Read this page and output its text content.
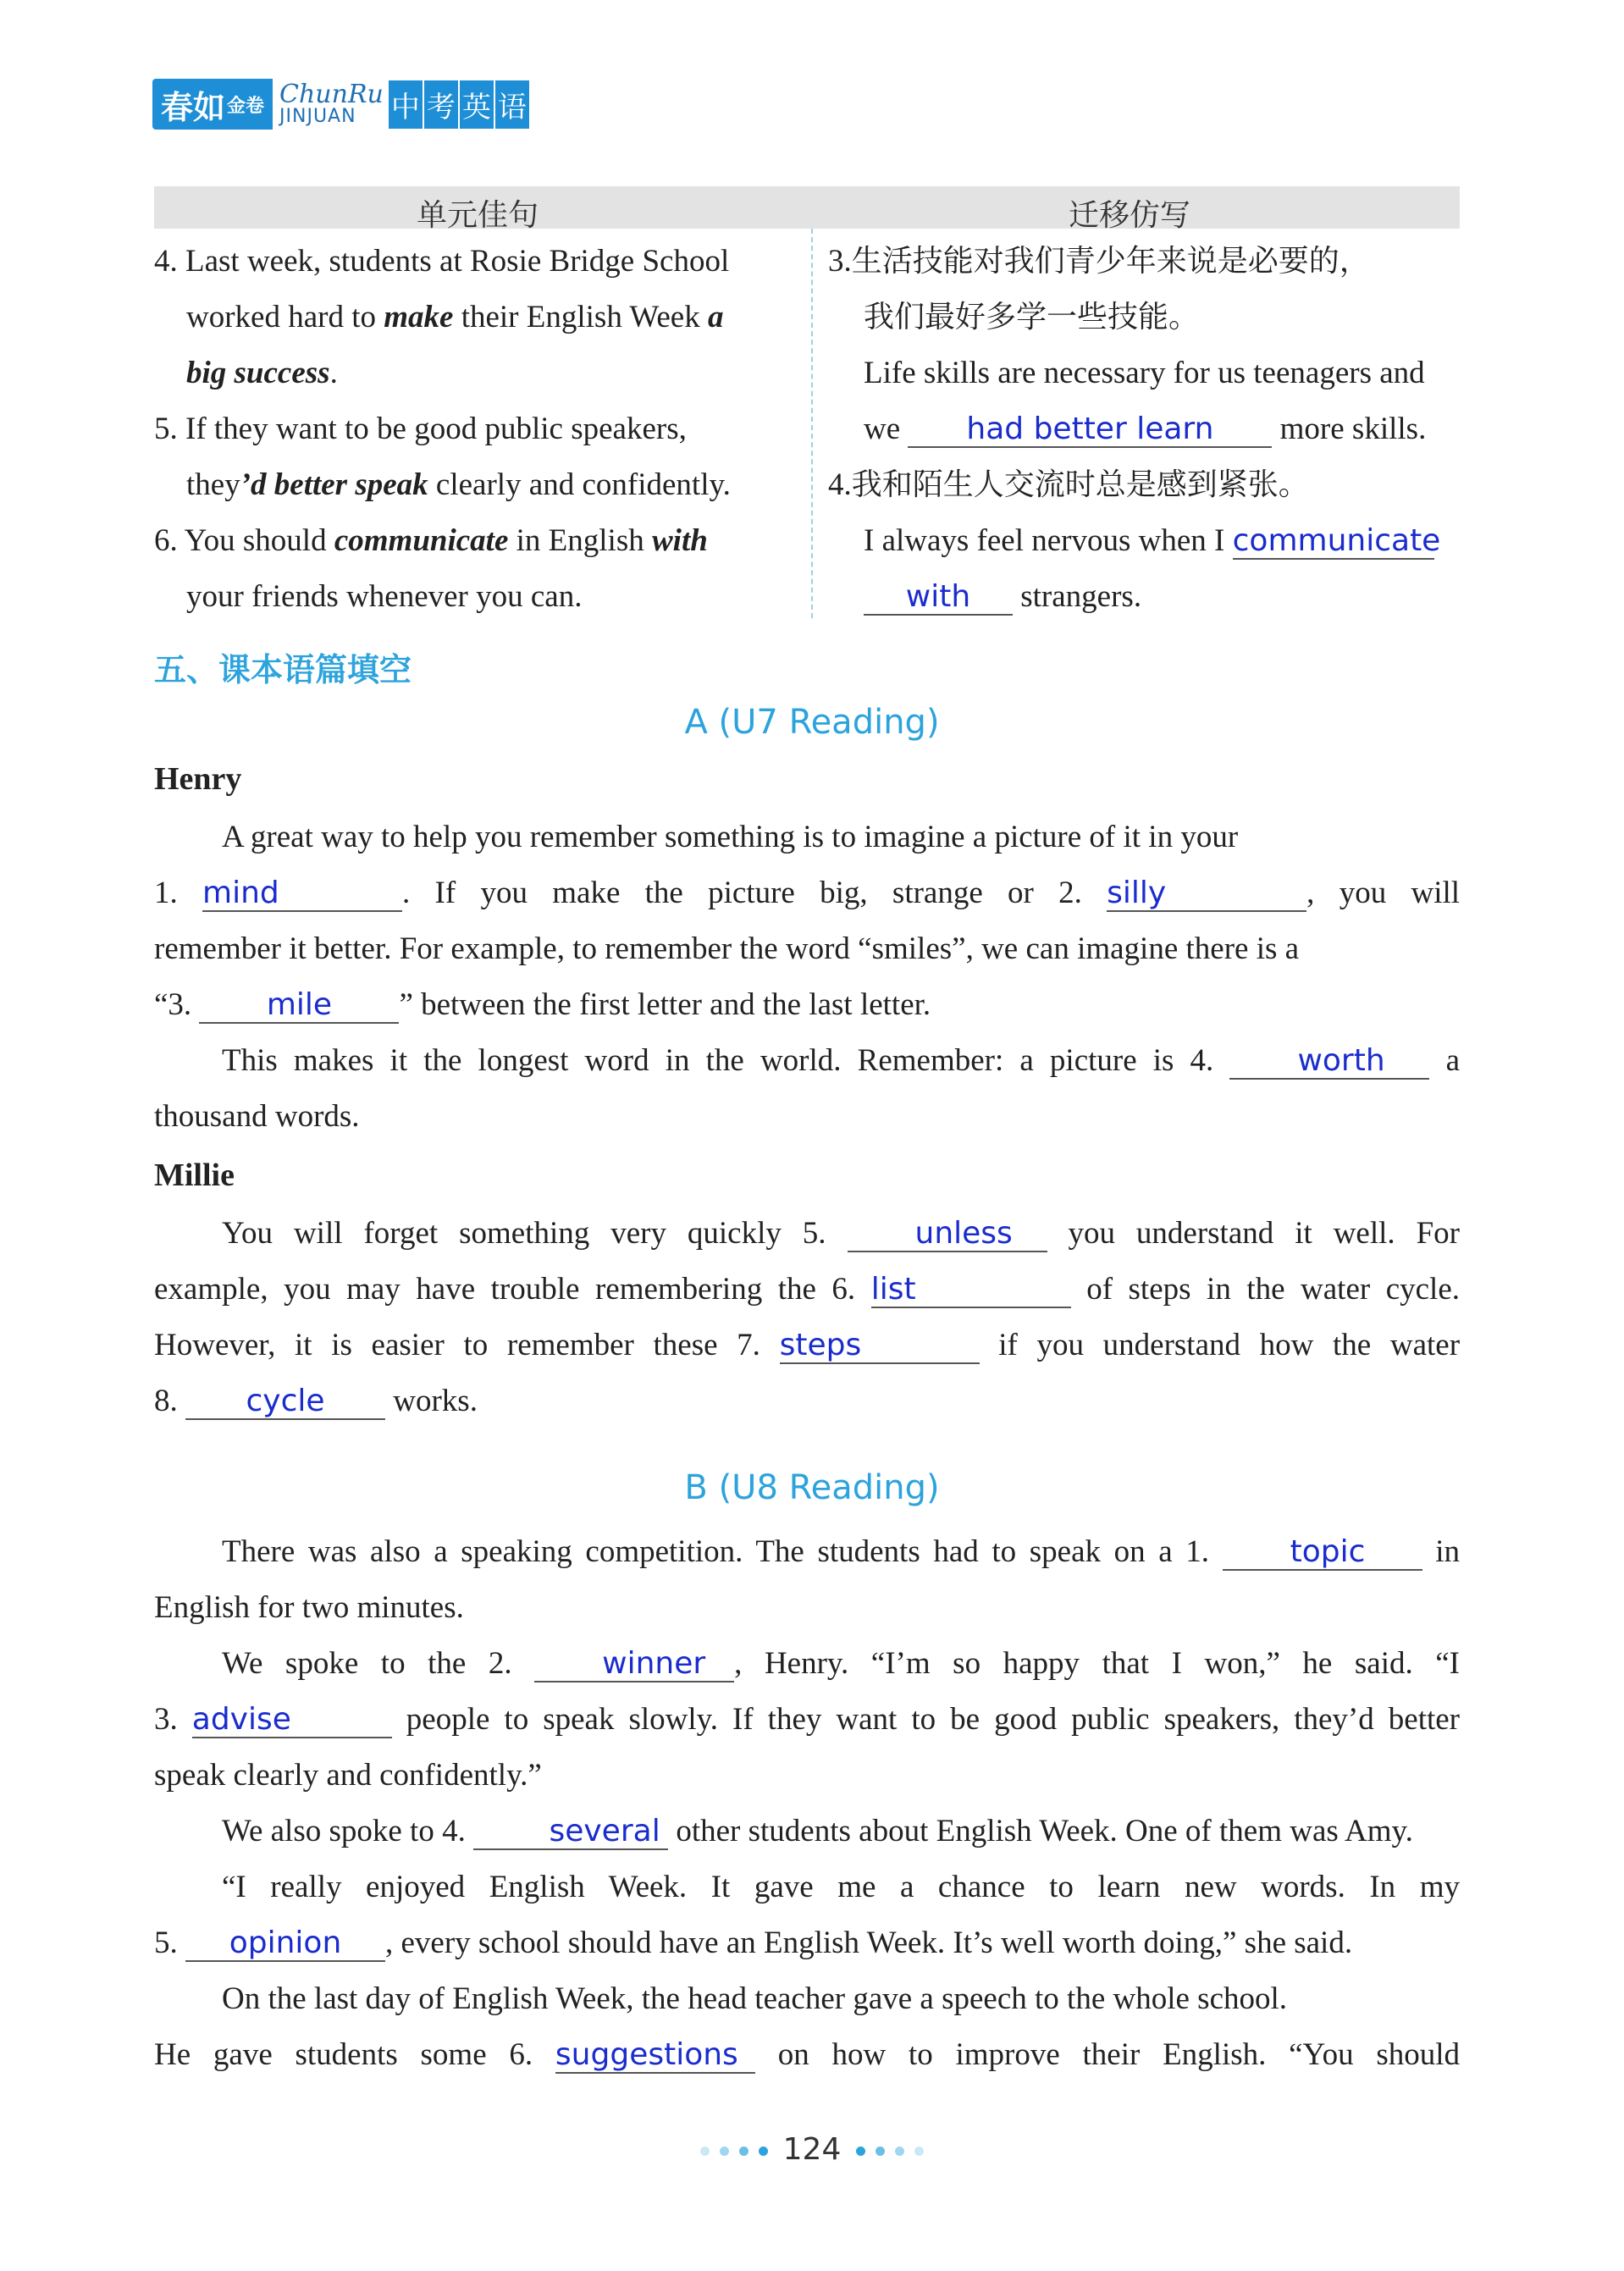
春如 金卷 ChunRu
JINJUAN	中 考 英 语
单元佳句	迁移仿写
4. Last week, students at Rosie Bridge School
worked hard to make their English Week a
big success.
5. If they want to be good public speakers,
they’d better speak clearly and confidently.
6. You should communicate in English with
your friends whenever you can.
3.生活技能对我们青少年来说是必要的，
我们最好多学一些技能。
Life skills are necessary for us teenagers and
we had better learn more skills.
4.我和陌生人交流时总是感到紧张。
I always feel nervous when I communicate
with strangers.
五、课本语篇填空
A (U7 Reading)
Henry

A great way to help you remember something is to imagine a picture of it in your

1. mind	. If you make the picture big, strange or 2. silly	, you will

remember it better. For example, to remember the word “smiles”, we can imagine there is a

“3. mile ” between the first letter and the last letter.

This makes it the longest word in the world. Remember: a picture is 4.	worth a

thousand words.

Millie

You will forget something very quickly 5.	unless you understand it well. For

example, you may have trouble remembering the 6. list	of steps in the water cycle.

However, it is easier to remember these 7. steps	if you understand how the water

8. cycle works.

B (U8 Reading)

There was also a speaking competition. The students had to speak on a 1.	topic in

English for two minutes.

We spoke to the 2.	winner , Henry. “I’m so happy that I won,” he said. “I

3. advise	people to speak slowly. If they want to be good public speakers, they’d better

speak clearly and confidently.”

We also spoke to 4.	several other students about English Week. One of them was Amy.

“I really enjoyed English Week. It gave me a chance to learn new words. In my

5. opinion , every school should have an English Week. It’s well worth doing,” she said.

On the last day of English Week, the head teacher gave a speech to the whole school.

He gave students some 6. suggestions on how to improve their English. “You should

124
